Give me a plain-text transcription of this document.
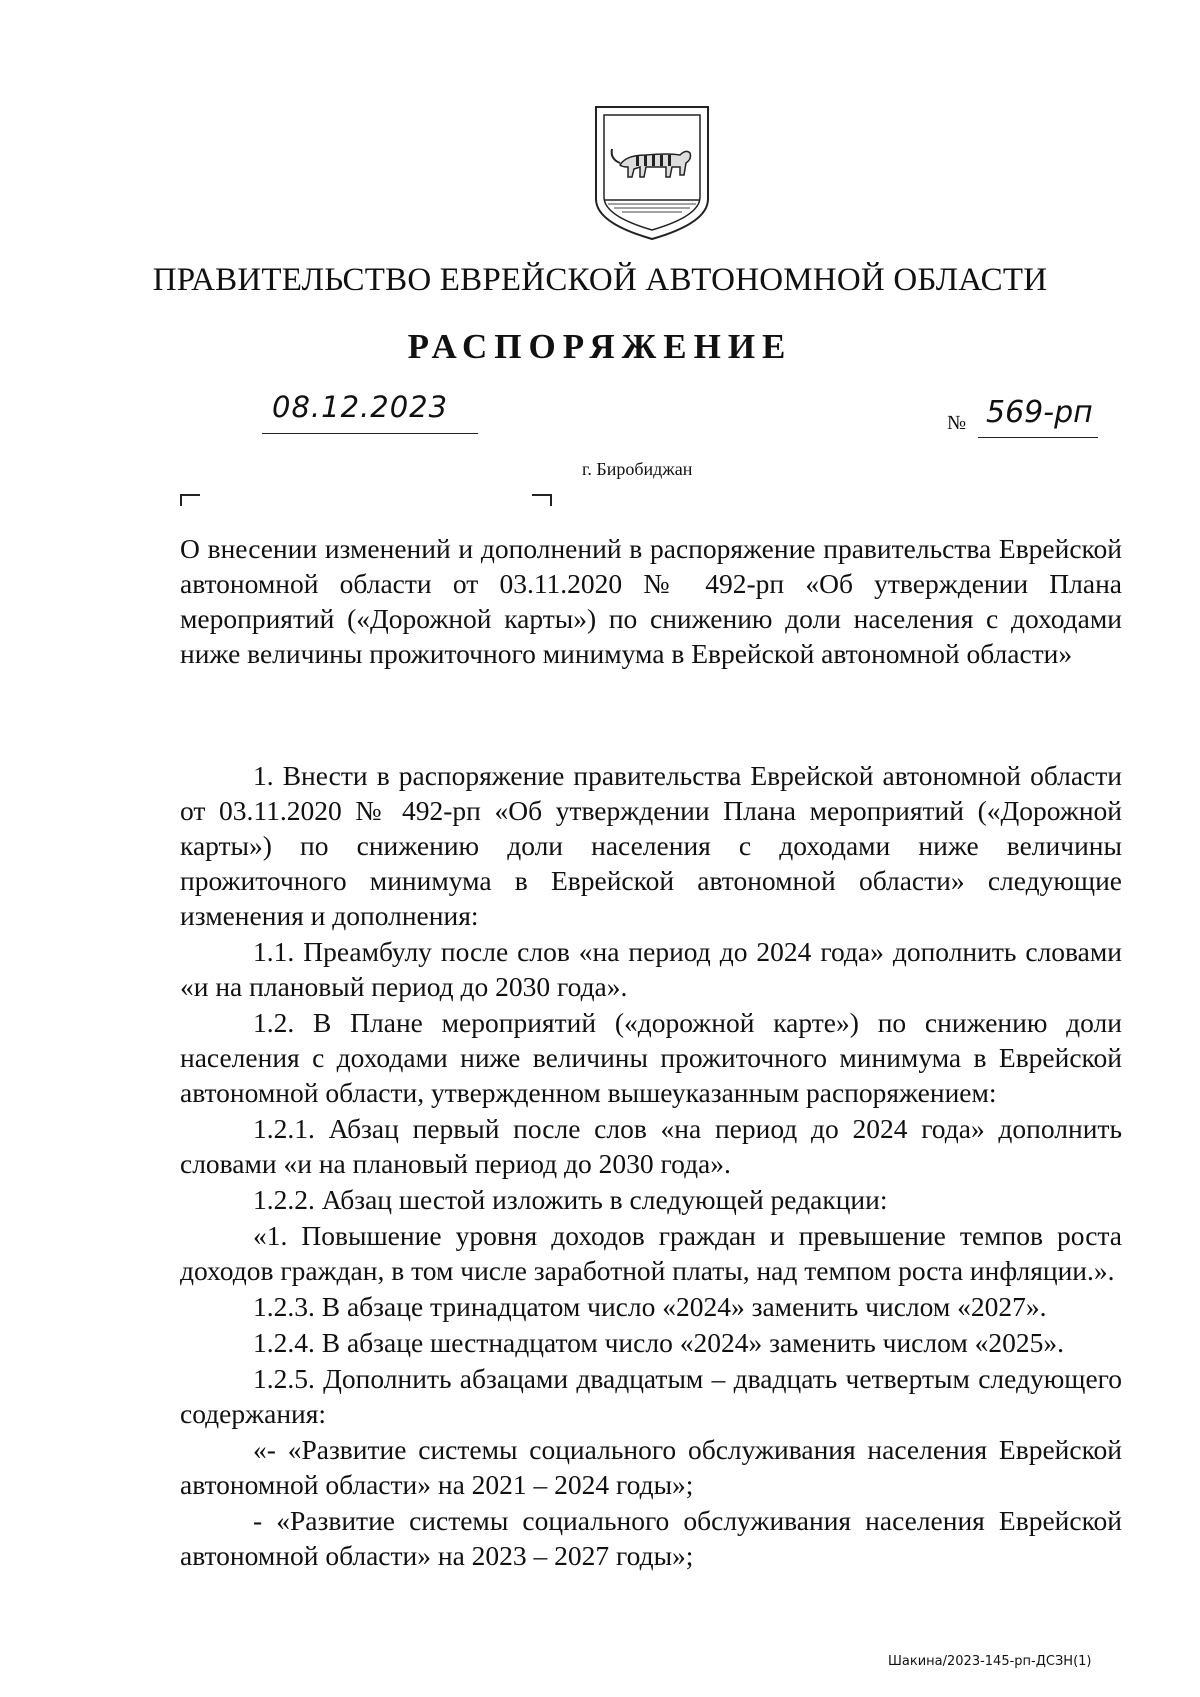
ПРАВИТЕЛЬСТВО ЕВРЕЙСКОЙ АВТОНОМНОЙ ОБЛАСТИ
РАСПОРЯЖЕНИЕ
08.12.2023	№ 569-рп
г. Биробиджан
О внесении изменений и дополнений в распоряжение правительства Еврейской автономной области от 03.11.2020 № 492-рп «Об утверждении Плана мероприятий («Дорожной карты») по снижению доли населения с доходами ниже величины прожиточного минимума в Еврейской автономной области»

1. Внести в распоряжение правительства Еврейской автономной области от 03.11.2020 № 492-рп «Об утверждении Плана мероприятий («Дорожной карты») по снижению доли населения с доходами ниже величины прожиточного минимума в Еврейской автономной области» следующие изменения и дополнения:

1.1. Преамбулу после слов «на период до 2024 года» дополнить словами «и на плановый период до 2030 года».

1.2. В Плане мероприятий («дорожной карте») по снижению доли населения с доходами ниже величины прожиточного минимума в Еврейской автономной области, утвержденном вышеуказанным распоряжением:

1.2.1. Абзац первый после слов «на период до 2024 года» дополнить словами «и на плановый период до 2030 года».

1.2.2. Абзац шестой изложить в следующей редакции:

«1. Повышение уровня доходов граждан и превышение темпов роста доходов граждан, в том числе заработной платы, над темпом роста инфляции.».

1.2.3. В абзаце тринадцатом число «2024» заменить числом «2027».

1.2.4. В абзаце шестнадцатом число «2024» заменить числом «2025».

1.2.5. Дополнить абзацами двадцатым – двадцать четвертым следующего содержания:

«- «Развитие системы социального обслуживания населения Еврейской автономной области» на 2021 – 2024 годы»;

- «Развитие системы социального обслуживания населения Еврейской автономной области» на 2023 – 2027 годы»;

Шакина/2023-145-рп-ДСЗН(1)
